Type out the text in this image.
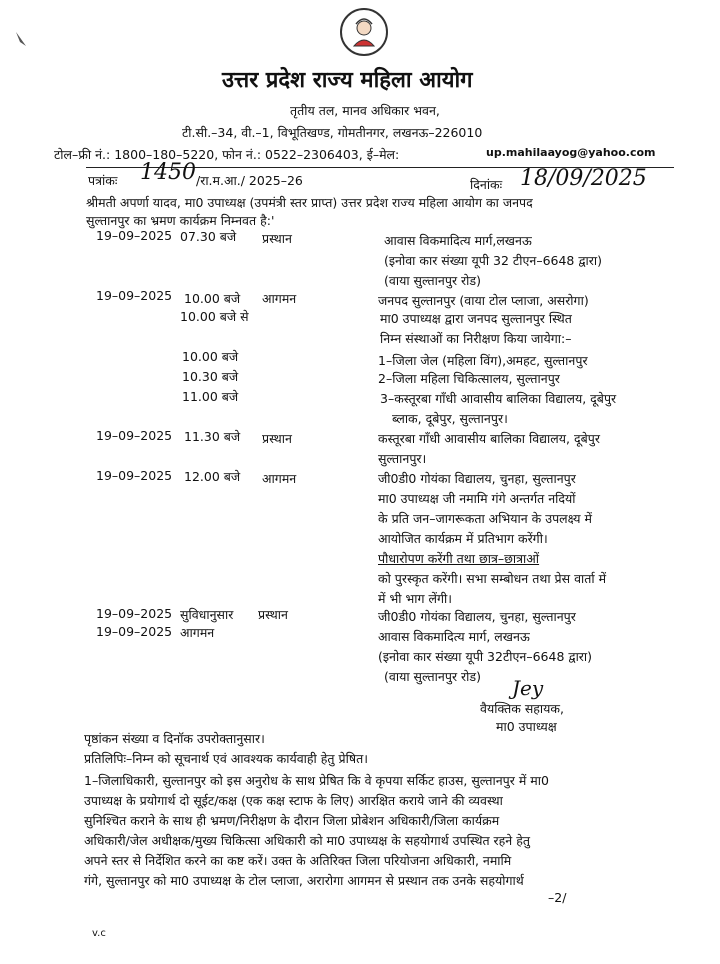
उत्तर प्रदेश राज्य महिला आयोग
तृतीय तल, मानव अधिकार भवन,
टी.सी.–34, वी.–1, विभूतिखण्ड, गोमतीनगर, लखनऊ–226010
टोल–फ्री नं.: 1800–180–5220, फोन नं.: 0522–2306403, ई–मेल:	up.mahilaayog@yahoo.com
पत्रांकः 1450 /रा.म.आ./ 2025–26	दिनांकः 18/09/2025
श्रीमती अपर्णा यादव, मा0 उपाध्यक्ष (उपमंत्री स्तर प्राप्त) उत्तर प्रदेश राज्य महिला आयोग का जनपद
सुल्तानपुर का भ्रमण कार्यक्रम निम्नवत है:'
19–09–2025 07.30 बजे प्रस्थान	आवास विकमादित्य मार्ग,लखनऊ
(इनोवा कार संख्या यूपी 32 टीएन–6648 द्वारा)
(वाया सुल्तानपुर रोड)
19–09–2025 10.00 बजे आगमन	जनपद सुल्तानपुर (वाया टोल प्लाजा, असरोगा)
10.00 बजे से	मा0 उपाध्यक्ष द्वारा जनपद सुल्तानपुर स्थित
निम्न संस्थाओं का निरीक्षण किया जायेगा:–
10.00 बजे	1–जिला जेल (महिला विंग),अमहट, सुल्तानपुर
10.30 बजे	2–जिला महिला चिकित्सालय, सुल्तानपुर
11.00 बजे	3–कस्तूरबा गाँधी आवासीय बालिका विद्यालय, दूबेपुर
ब्लाक, दूबेपुर, सुल्तानपुर।
19–09–2025 11.30 बजे प्रस्थान	कस्तूरबा गाँधी आवासीय बालिका विद्यालय, दूबेपुर
सुल्तानपुर।
19–09–2025 12.00 बजे आगमन	जी0डी0 गोयंका विद्यालय, चुनहा, सुल्तानपुर
मा0 उपाध्यक्ष जी नमामि गंगे अन्तर्गत नदियों
के प्रति जन–जागरूकता अभियान के उपलक्ष्य में
आयोजित कार्यक्रम में प्रतिभाग करेंगी।
पौधारोपण करेंगी तथा छात्र–छात्राओं
को पुरस्कृत करेंगी। सभा सम्बोधन तथा प्रेस वार्ता में
में भी भाग लेंगी।
19–09–2025 सुविधानुसार प्रस्थान	जी0डी0 गोयंका विद्यालय, चुनहा, सुल्तानपुर
19–09–2025 आगमन	आवास विकमादित्य मार्ग, लखनऊ
(इनोवा कार संख्या यूपी 32टीएन–6648 द्वारा)
(वाया सुल्तानपुर रोड) Jey
वैयक्तिक सहायक,
मा0 उपाध्यक्ष
पृष्ठांकन संख्या व दिनॉक उपरोक्तानुसार।
प्रतिलिपिः–निम्न को सूचनार्थ एवं आवश्यक कार्यवाही हेतु प्रेषित।
1–जिलाधिकारी, सुल्तानपुर को इस अनुरोध के साथ प्रेषित कि वे कृपया सर्किट हाउस, सुल्तानपुर में मा0
उपाध्यक्ष के प्रयोगार्थ दो सूईट/कक्ष (एक कक्ष स्टाफ के लिए) आरक्षित कराये जाने की व्यवस्था
सुनिश्चित कराने के साथ ही भ्रमण/निरीक्षण के दौरान जिला प्रोबेशन अधिकारी/जिला कार्यक्रम
अधिकारी/जेल अधीक्षक/मुख्य चिकित्सा अधिकारी को मा0 उपाध्यक्ष के सहयोगार्थ उपस्थित रहने हेतु
अपने स्तर से निर्देशित करने का कष्ट करें। उक्त के अतिरिक्त जिला परियोजना अधिकारी, नमामि
गंगे, सुल्तानपुर को मा0 उपाध्यक्ष के टोल प्लाजा, अरारोगा आगमन से प्रस्थान तक उनके सहयोगार्थ
–2/
v.c
